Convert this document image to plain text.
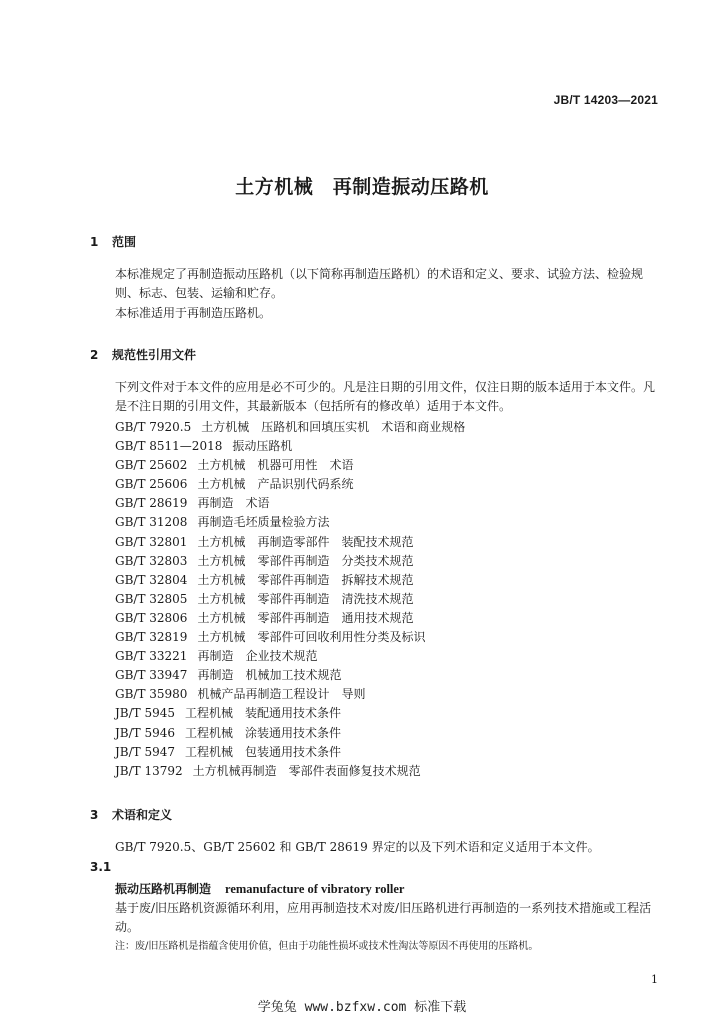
JB/T 14203—2021
土方机械　再制造振动压路机
1 范围
本标准规定了再制造振动压路机（以下简称再制造压路机）的术语和定义、要求、试验方法、检验规则、标志、包装、运输和贮存。
本标准适用于再制造压路机。
2 规范性引用文件
下列文件对于本文件的应用是必不可少的。凡是注日期的引用文件，仅注日期的版本适用于本文件。凡是不注日期的引用文件，其最新版本（包括所有的修改单）适用于本文件。
GB/T 7920.5 土方机械　压路机和回填压实机　术语和商业规格
GB/T 8511—2018 振动压路机
GB/T 25602 土方机械　机器可用性　术语
GB/T 25606 土方机械　产品识别代码系统
GB/T 28619 再制造　术语
GB/T 31208 再制造毛坯质量检验方法
GB/T 32801 土方机械　再制造零部件　装配技术规范
GB/T 32803 土方机械　零部件再制造　分类技术规范
GB/T 32804 土方机械　零部件再制造　拆解技术规范
GB/T 32805 土方机械　零部件再制造　清洗技术规范
GB/T 32806 土方机械　零部件再制造　通用技术规范
GB/T 32819 土方机械　零部件可回收利用性分类及标识
GB/T 33221 再制造　企业技术规范
GB/T 33947 再制造　机械加工技术规范
GB/T 35980 机械产品再制造工程设计　导则
JB/T 5945 工程机械　装配通用技术条件
JB/T 5946 工程机械　涂装通用技术条件
JB/T 5947 工程机械　包装通用技术条件
JB/T 13792 土方机械再制造　零部件表面修复技术规范
3 术语和定义
GB/T 7920.5、GB/T 25602 和 GB/T 28619 界定的以及下列术语和定义适用于本文件。
3.1
振动压路机再制造 remanufacture of vibratory roller
基于废/旧压路机资源循环利用，应用再制造技术对废/旧压路机进行再制造的一系列技术措施或工程活动。
注：废/旧压路机是指蕴含使用价值，但由于功能性损坏或技术性淘汰等原因不再使用的压路机。
1
学兔兔 www.bzfxw.com 标准下载
